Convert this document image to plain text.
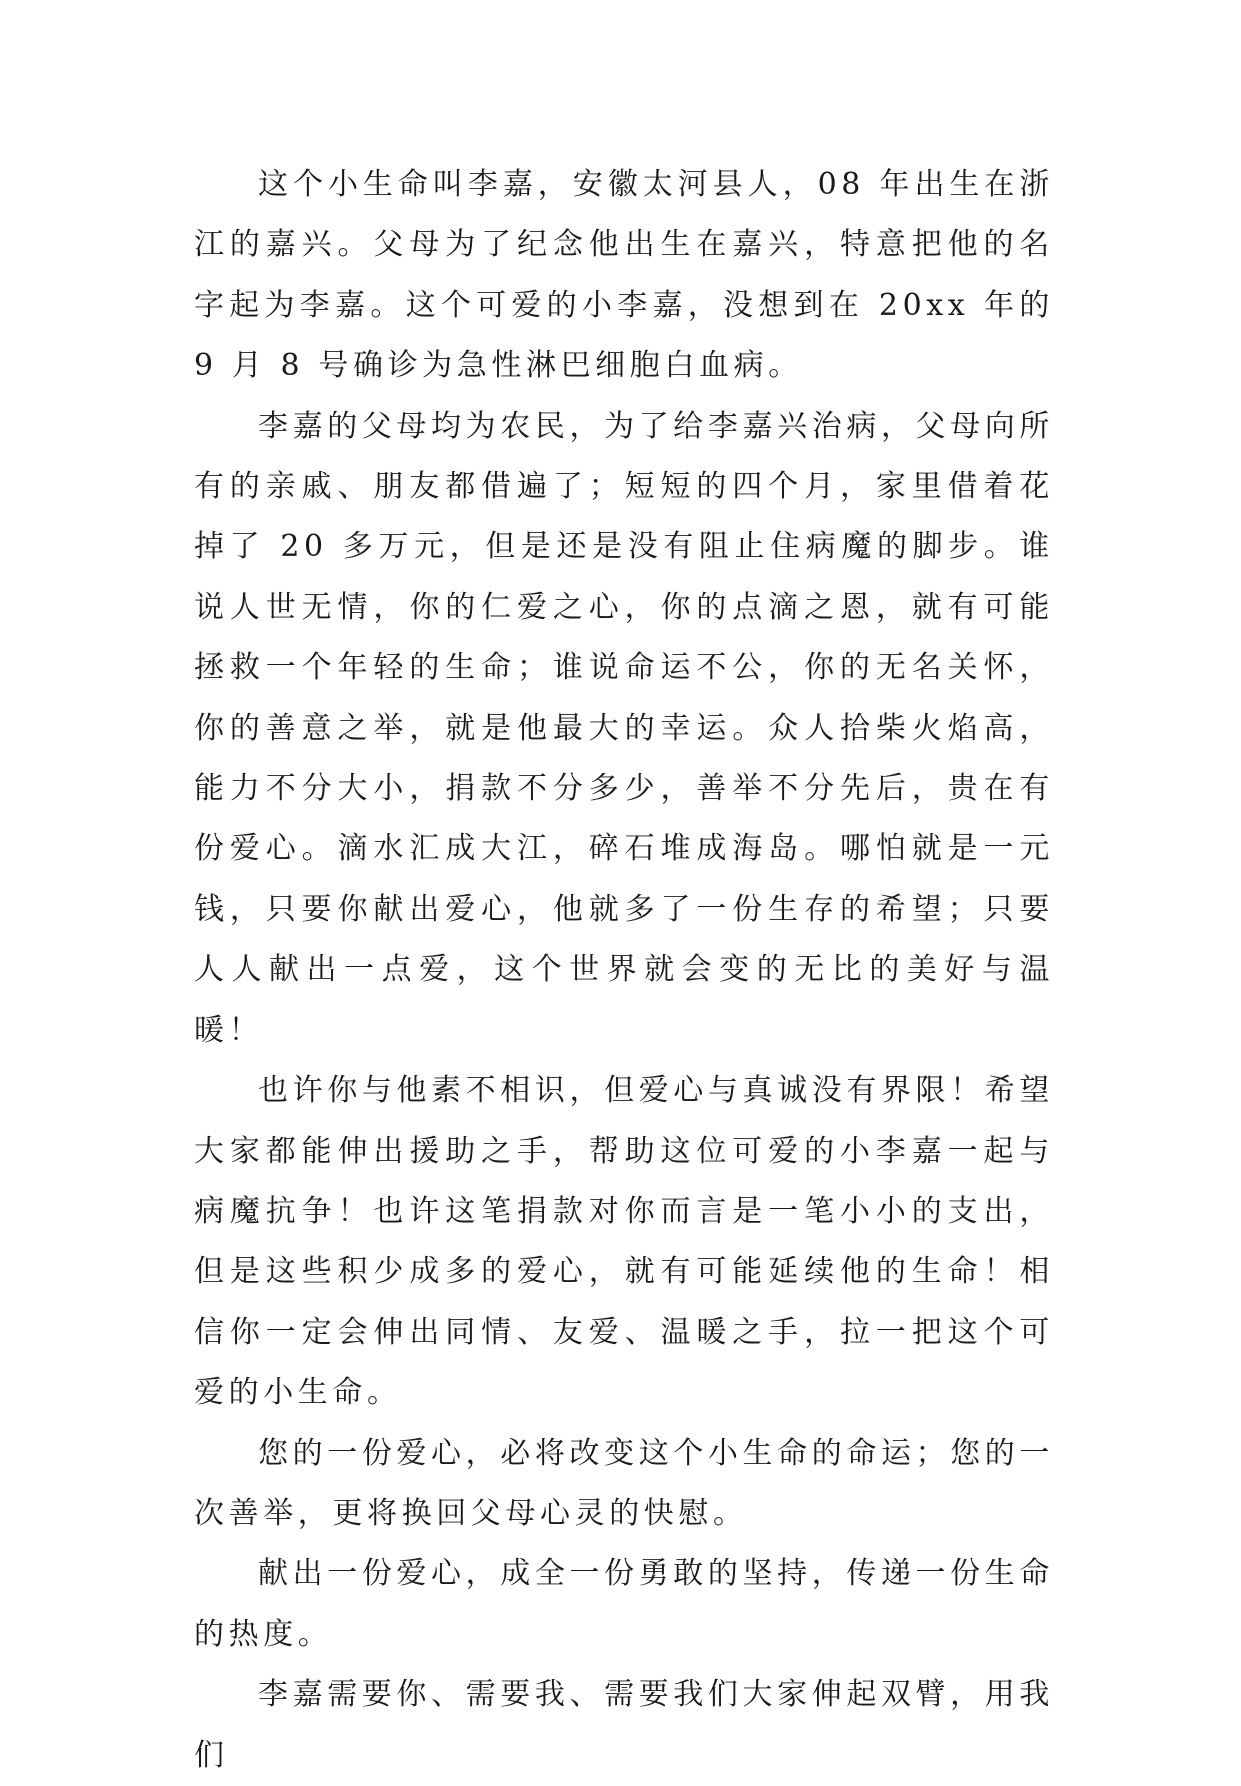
这个小生命叫李嘉，安徽太河县人，08 年出生在浙江的嘉兴。父母为了纪念他出生在嘉兴，特意把他的名字起为李嘉。这个可爱的小李嘉，没想到在 20xx 年的 9 月 8 号确诊为急性淋巴细胞白血病。

李嘉的父母均为农民，为了给李嘉兴治病，父母向所有的亲戚、朋友都借遍了；短短的四个月，家里借着花掉了 20 多万元，但是还是没有阻止住病魔的脚步。谁说人世无情，你的仁爱之心，你的点滴之恩，就有可能拯救一个年轻的生命；谁说命运不公，你的无名关怀，你的善意之举，就是他最大的幸运。众人拾柴火焰高，能力不分大小，捐款不分多少，善举不分先后，贵在有份爱心。滴水汇成大江，碎石堆成海岛。哪怕就是一元钱，只要你献出爱心，他就多了一份生存的希望；只要人人献出一点爱，这个世界就会变的无比的美好与温暖！

也许你与他素不相识，但爱心与真诚没有界限！希望大家都能伸出援助之手，帮助这位可爱的小李嘉一起与病魔抗争！也许这笔捐款对你而言是一笔小小的支出，但是这些积少成多的爱心，就有可能延续他的生命！相信你一定会伸出同情、友爱、温暖之手，拉一把这个可爱的小生命。

您的一份爱心，必将改变这个小生命的命运；您的一次善举，更将换回父母心灵的快慰。

献出一份爱心，成全一份勇敢的坚持，传递一份生命的热度。

李嘉需要你、需要我、需要我们大家伸起双臂，用我们
